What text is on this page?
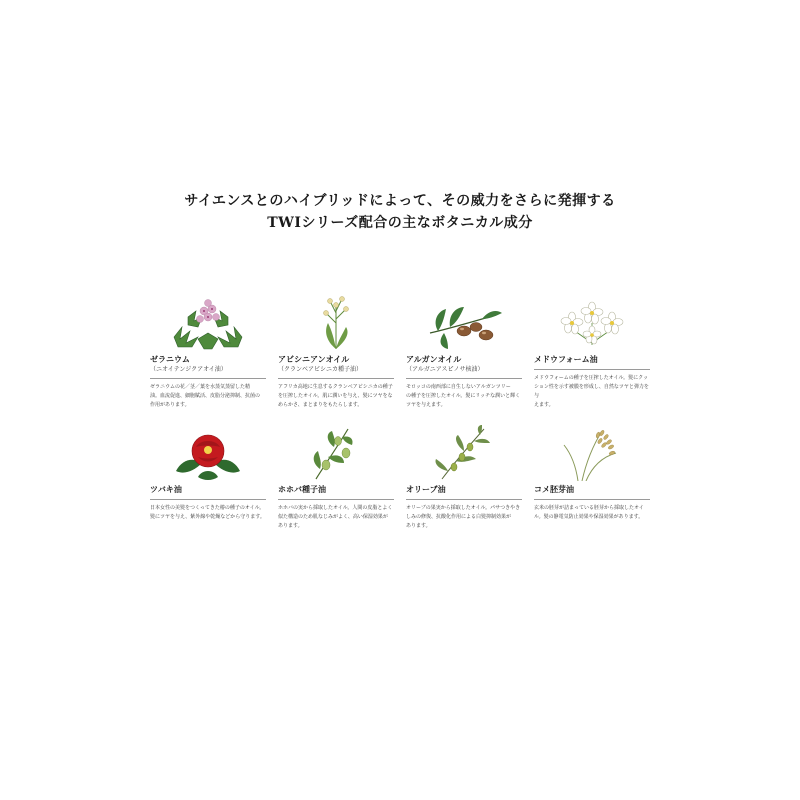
サイエンスとのハイブリッドによって、その威力をさらに発揮する
TWIシリーズ配合の主なボタニカル成分
ゼラニウム
（ニオイテンジクアオイ油）
ゼラニウムの花／茎／葉を水蒸気蒸留した精
油。血流促進、細胞賦活、皮脂分泌抑制、抗菌の
作用があります。
アビシニアンオイル
（クランベアビシニカ種子油）
アフリカ高地に生息するクランベアビシニカの種子
を圧搾したオイル。肌に潤いを与え、髪にツヤをな
めらかさ、まとまりをもたらします。
アルガンオイル
（アルガニアスピノサ核油）
モロッコの南西部に自生しないアルガンツリー
の種子を圧搾したオイル。髪にリッチな潤いと輝く
ツヤを与えます。
メドウフォーム油
メドウフォームの種子を圧搾したオイル。髪にクッ
ション性を示す被膜を形成し、自然なツヤと弾力を与
えます。
ツバキ油
日本女性の美髪をつくってきた椿の種子のオイル。
髪にツヤを与え、紫外線や乾燥などから守ります。
ホホバ種子油
ホホバの実から採取したオイル。人間の皮脂とよく
似た構造のため肌なじみがよく、高い保湿効果が
あります。
オリーブ油
オリーブの果実から採取したオイル。パサつきやき
しみの修復、抗酸化作用による白髪抑制効果が
あります。
コメ胚芽油
玄米の胚芽が詰まっている胚芽から採取したオイ
ル。髪の静電気防止効果や保湿効果があります。
